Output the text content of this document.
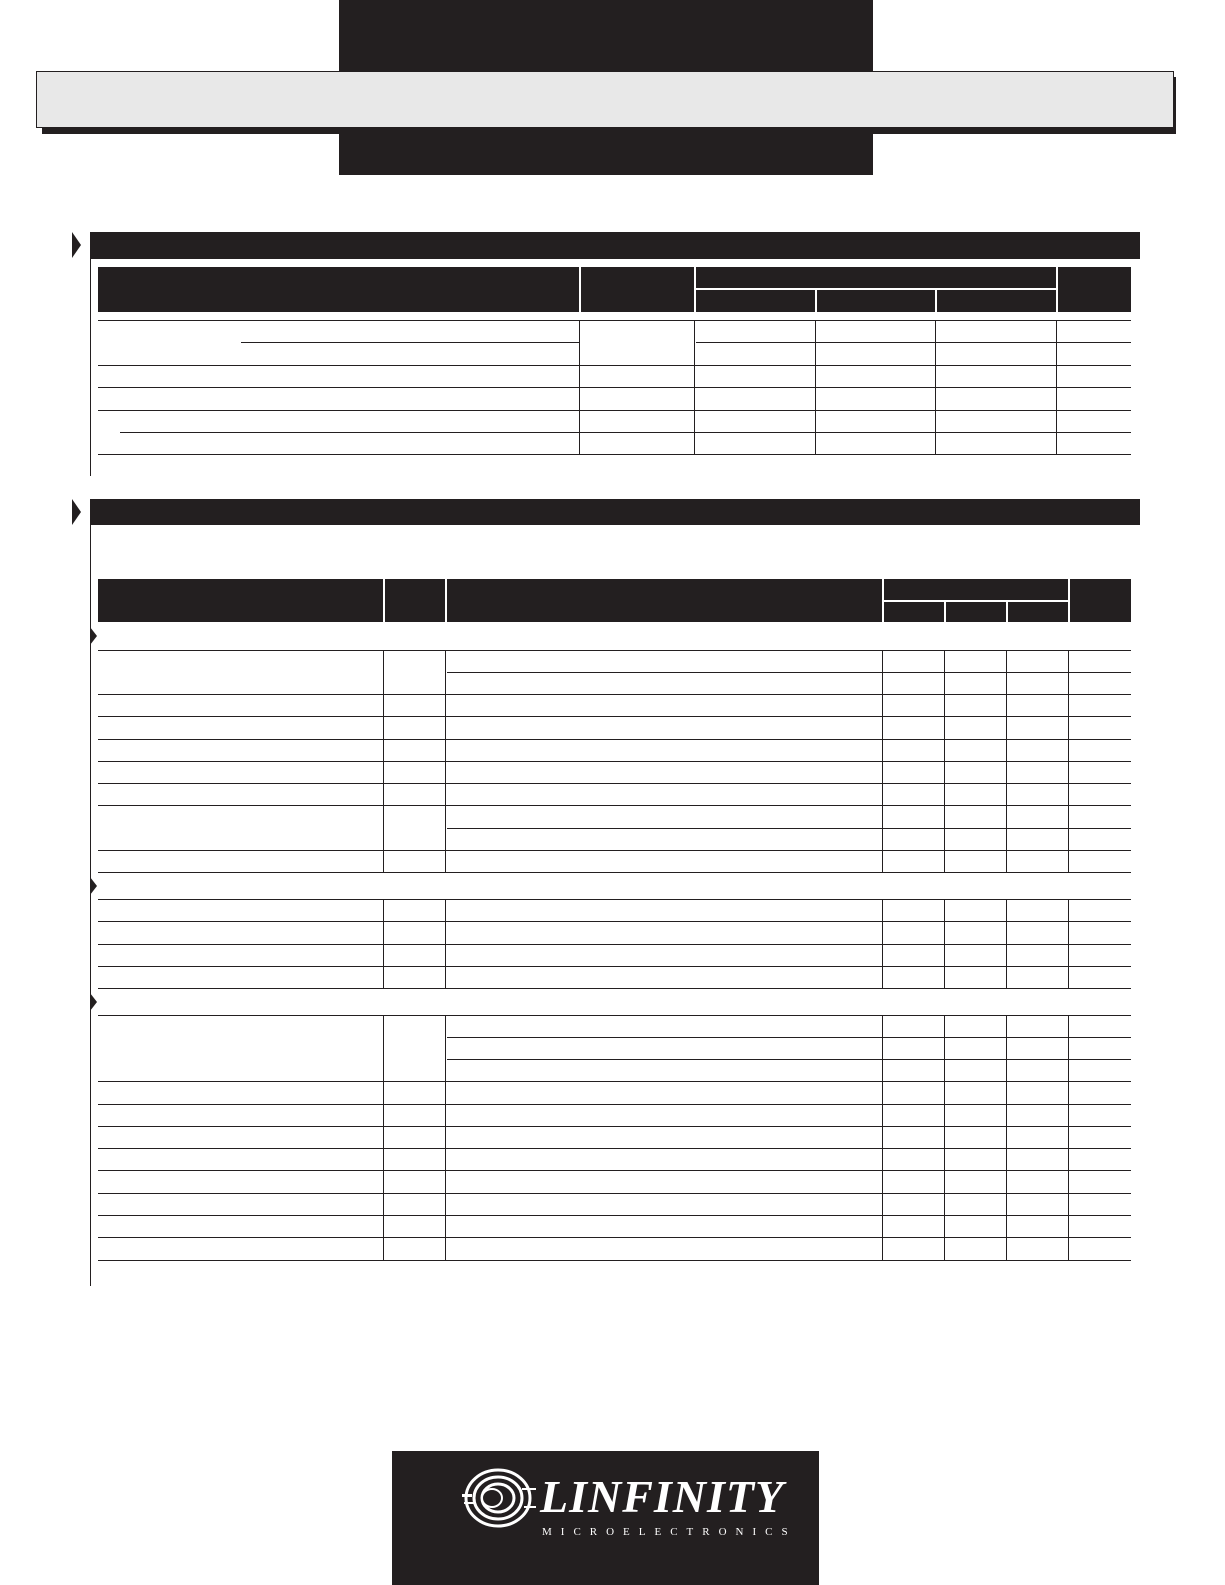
LINFINITY
MICROELECTRONICS
